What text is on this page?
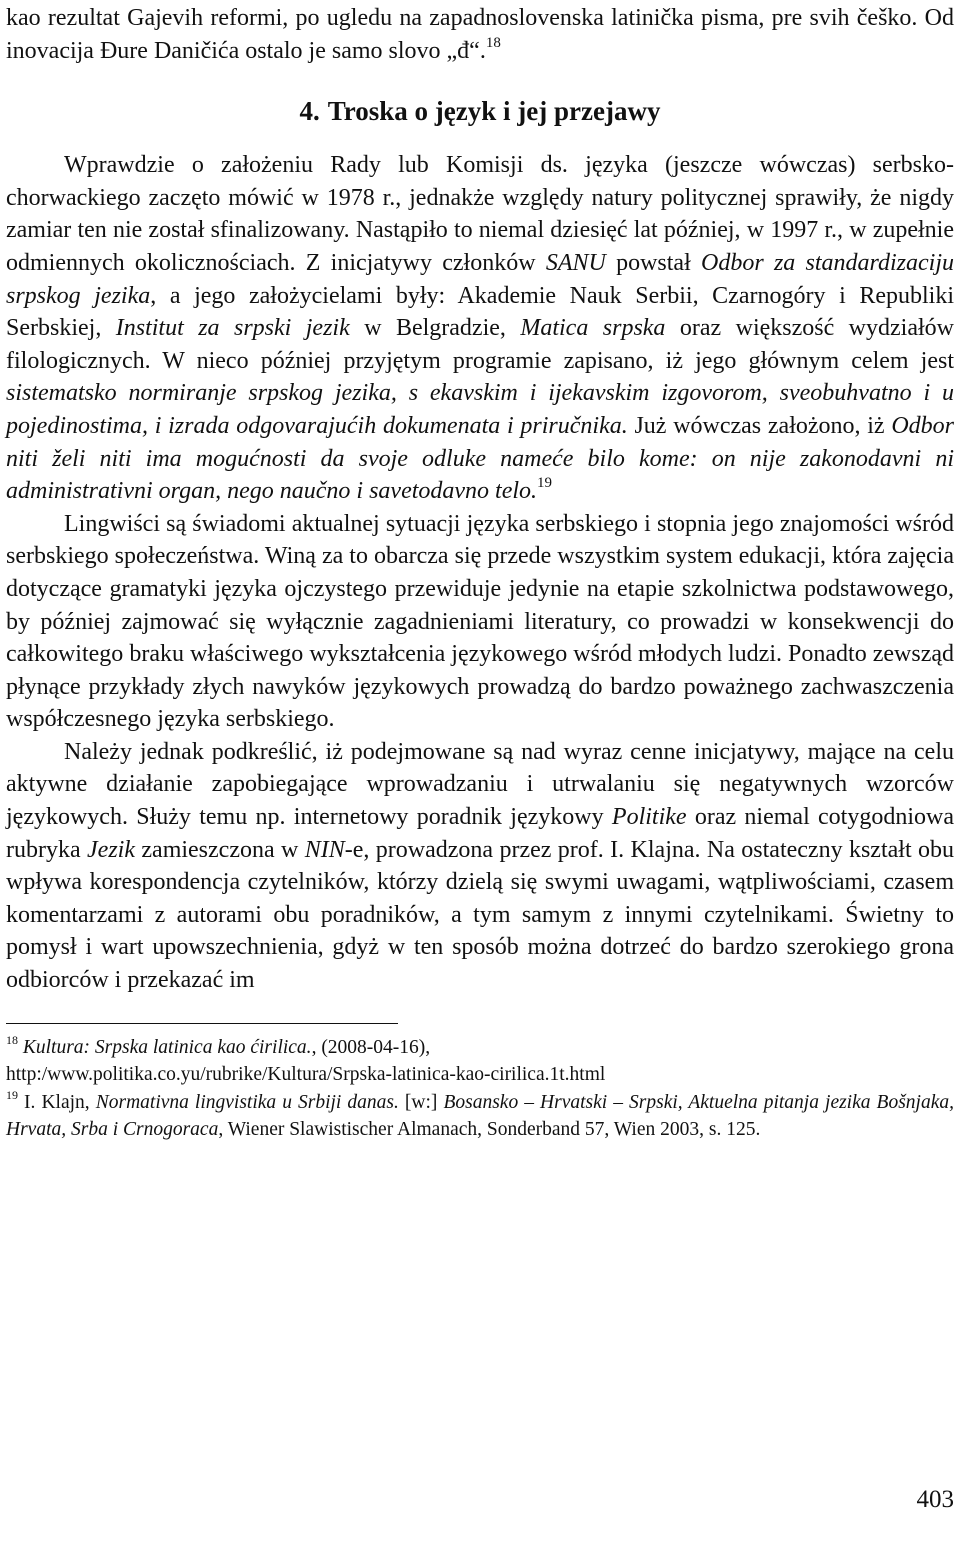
kao rezultat Gajevih reformi, po ugledu na zapadnoslovenska latinička pisma, pre svih češko. Od inovacija Đure Daničića ostalo je samo slovo „đ“.$^{18}$

4. Troska o język i jej przejawy

Wprawdzie o założeniu Rady lub Komisji ds. języka (jeszcze wówczas) serbsko-chorwackiego zaczęto mówić w 1978 r., jednakże względy natury politycznej sprawiły, że nigdy zamiar ten nie został sfinalizowany. Nastąpiło to niemal dziesięć lat później, w 1997 r., w zupełnie odmiennych okolicznościach. Z inicjatywy członków SANU powstał Odbor za standardizaciju srpskog jezika, a jego założycielami były: Akademie Nauk Serbii, Czarnogóry i Republiki Serbskiej, Institut za srpski jezik w Belgradzie, Matica srpska oraz większość wydziałów filologicznych. W nieco później przyjętym programie zapisano, iż jego głównym celem jest sistematsko normiranje srpskog jezika, s ekavskim i ijekavskim izgovorom, sveobuhvatno i u pojedinostima, i izrada odgovarajućih dokumenata i priručnika. Już wówczas założono, iż Odbor niti želi niti ima mogućnosti da svoje odluke nameće bilo kome: on nije zakonodavni ni administrativni organ, nego naučno i savetodavno telo.$^{19}$

Lingwiści są świadomi aktualnej sytuacji języka serbskiego i stopnia jego znajomości wśród serbskiego społeczeństwa. Winą za to obarcza się przede wszystkim system edukacji, która zajęcia dotyczące gramatyki języka ojczystego przewiduje jedynie na etapie szkolnictwa podstawowego, by później zajmować się wyłącznie zagadnieniami literatury, co prowadzi w konsekwencji do całkowitego braku właściwego wykształcenia językowego wśród młodych ludzi. Ponadto zewsząd płynące przykłady złych nawyków językowych prowadzą do bardzo poważnego zachwaszczenia współczesnego języka serbskiego.

Należy jednak podkreślić, iż podejmowane są nad wyraz cenne inicjatywy, mające na celu aktywne działanie zapobiegające wprowadzaniu i utrwalaniu się negatywnych wzorców językowych. Służy temu np. internetowy poradnik językowy Politike oraz niemal cotygodniowa rubryka Jezik zamieszczona w NIN-e, prowadzona przez prof. I. Klajna. Na ostateczny kształt obu wpływa korespondencja czytelników, którzy dzielą się swymi uwagami, wątpliwościami, czasem komentarzami z autorami obu poradników, a tym samym z innymi czytelnikami. Świetny to pomysł i wart upowszechnienia, gdyż w ten sposób można dotrzeć do bardzo szerokiego grona odbiorców i przekazać im

$^{18}$ Kultura: Srpska latinica kao ćirilica., (2008-04-16),
http:/www.politika.co.yu/rubrike/Kultura/Srpska-latinica-kao-cirilica.1t.html

$^{19}$ I. Klajn, Normativna lingvistika u Srbiji danas. [w:] Bosansko – Hrvatski – Srpski, Aktuelna pitanja jezika Bošnjaka, Hrvata, Srba i Crnogoraca, Wiener Slawistischer Almanach, Sonderband 57, Wien 2003, s. 125.

403
